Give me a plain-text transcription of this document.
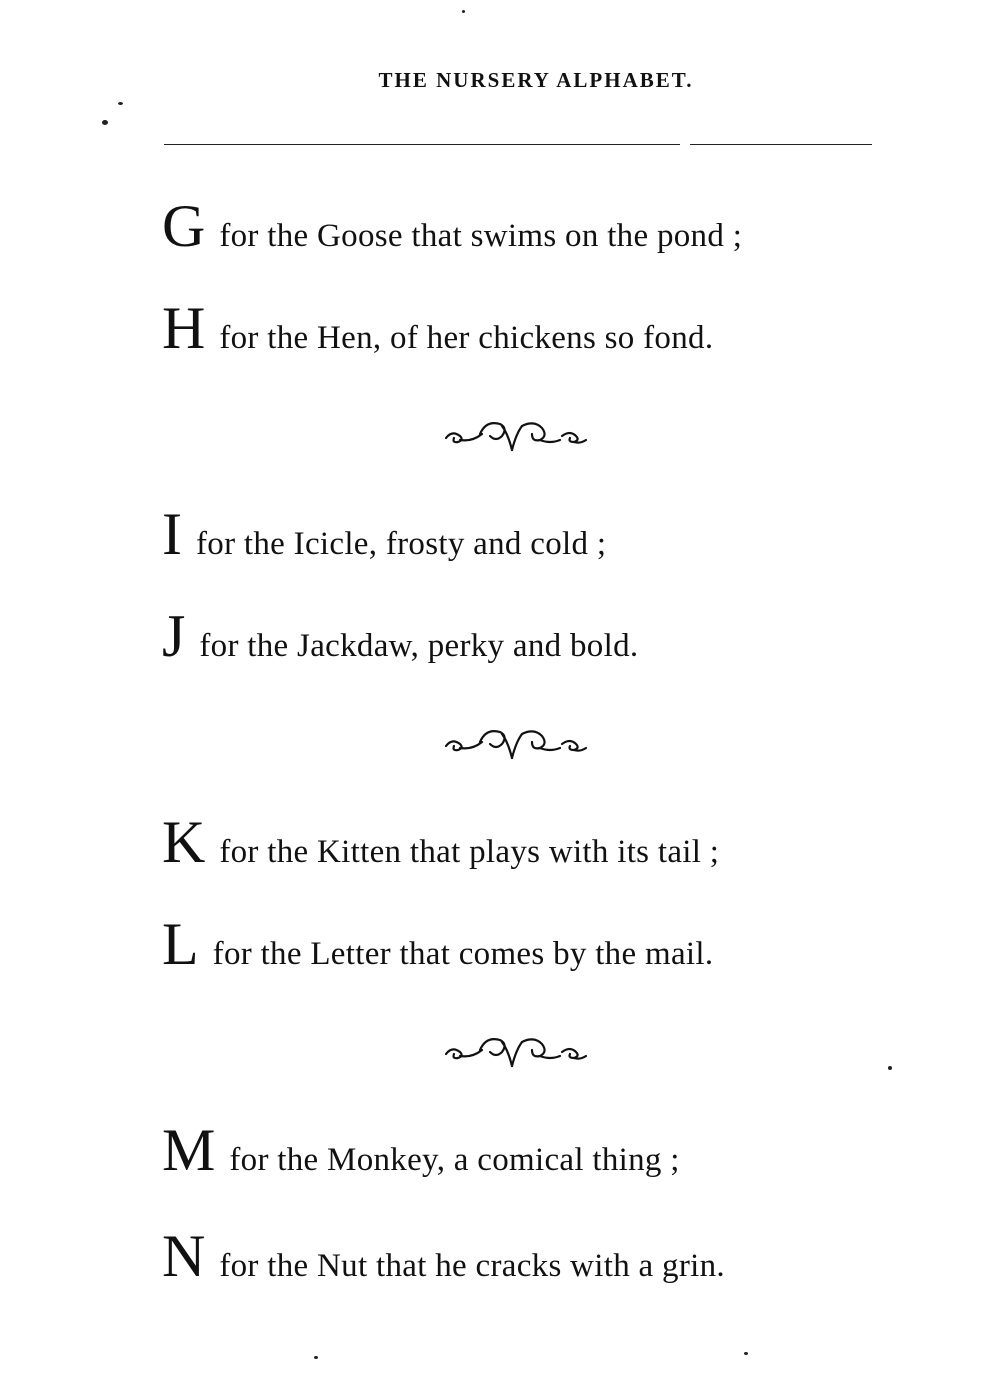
THE NURSERY ALPHABET.
Gfor the Goose that swims on the pond ;
Hfor the Hen, of her chickens so fond.
Ifor the Icicle, frosty and cold ;
Jfor the Jackdaw, perky and bold.
Kfor the Kitten that plays with its tail ;
Lfor the Letter that comes by the mail.
Mfor the Monkey, a comical thing ;
Nfor the Nut that he cracks with a grin.
